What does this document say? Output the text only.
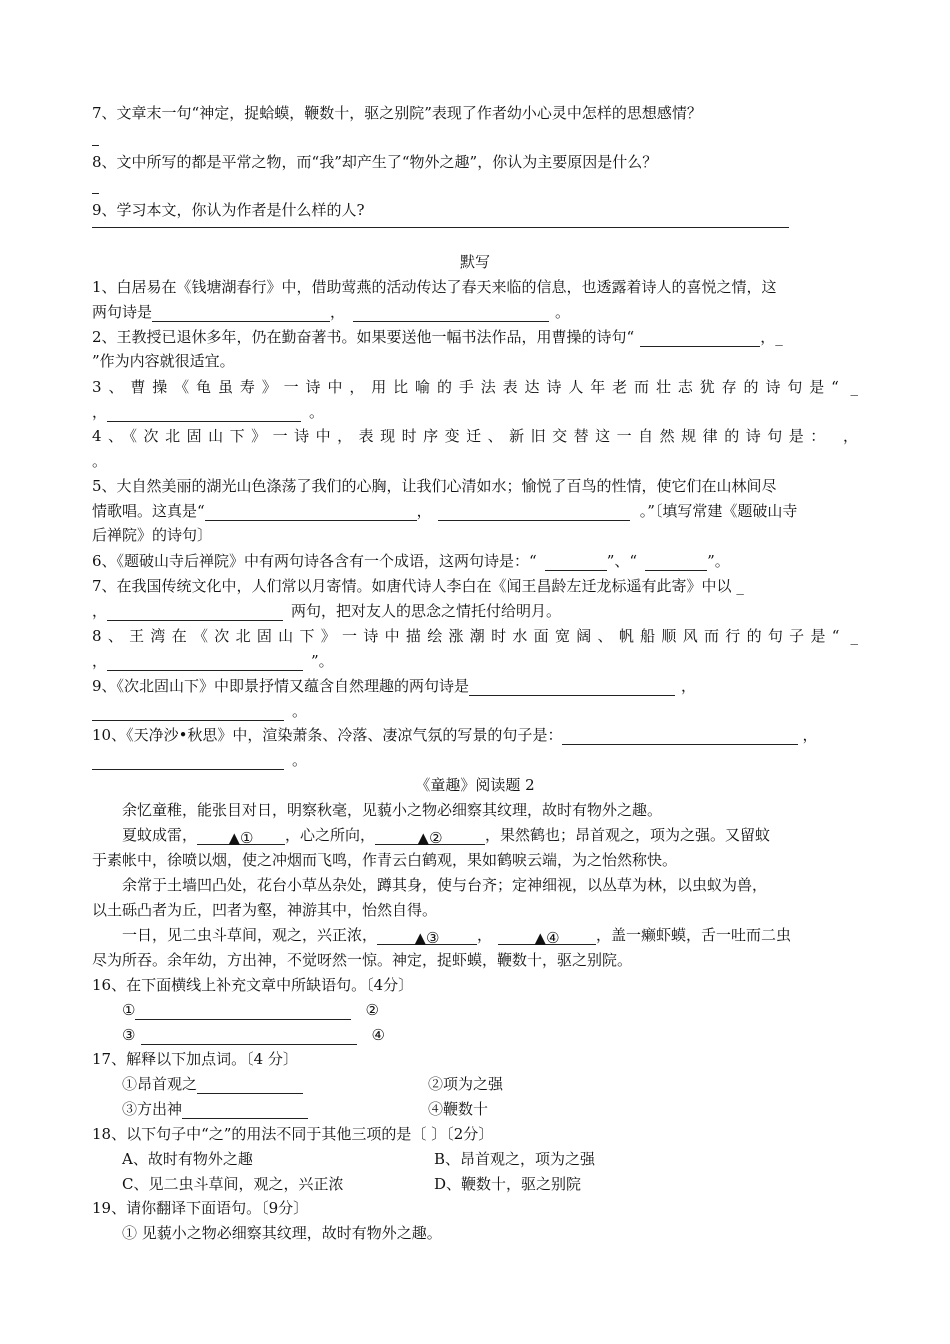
7、文章末一句“神定，捉蛤蟆，鞭数十，驱之别院”表现了作者幼小心灵中怎样的思想感情？
8、文中所写的都是平常之物，而“我”却产生了“物外之趣”，你认为主要原因是什么？
9、学习本文，你认为作者是什么样的人?
默写
1、白居易在《钱塘湖春行》中，借助莺燕的活动传达了春天来临的信息，也透露着诗人的喜悦之情，这
两句诗是	，	。
2、王教授已退休多年，仍在勤奋著书。如果要送他一幅书法作品，用曹操的诗句“	，_
”作为内容就很适宜。
3、曹操《龟虽寿》一诗中，用比喻的手法表达诗人年老而壮志犹存的诗句是“ _
，	。
4、《次北固山下》一诗中，表现时序变迁、新旧交替这一自然规律的诗句是： ，
。
5、大自然美丽的湖光山色涤荡了我们的心胸，让我们心清如水；愉悦了百鸟的性情，使它们在山林间尽
情歌唱。这真是“	，	。”〔填写常建《题破山寺
后禅院》的诗句〕
6、《题破山寺后禅院》中有两句诗各含有一个成语，这两句诗是：“	”、“	”。
7、在我国传统文化中，人们常以月寄情。如唐代诗人李白在《闻王昌龄左迁龙标遥有此寄》中以 _
，	两句，把对友人的思念之情托付给明月。
8、王湾在《次北固山下》一诗中描绘涨潮时水面宽阔、帆船顺风而行的句子是“ _
，	”。
9、《次北固山下》中即景抒情又蕴含自然理趣的两句诗是	，
。
10、《天净沙•秋思》中，渲染萧条、冷落、凄凉气氛的写景的句子是：	，
。
《童趣》阅读题 2
余忆童稚，能张目对日，明察秋毫，见藐小之物必细察其纹理，故时有物外之趣。
夏蚊成雷， ▲① ，心之所向，	▲②	，果然鹤也；昂首观之，项为之强。又留蚊
于素帐中，徐喷以烟，使之冲烟而飞鸣，作青云白鹤观，果如鹤唳云端，为之怡然称快。
余常于土墙凹凸处，花台小草丛杂处，蹲其身，使与台齐；定神细视，以丛草为林，以虫蚁为兽，
以土砾凸者为丘，凹者为壑，神游其中，怡然自得。
一日，见二虫斗草间，观之，兴正浓，	▲③	，	▲④ ，盖一癞虾蟆，舌一吐而二虫
尽为所吞。余年幼，方出神，不觉呀然一惊。神定，捉虾蟆，鞭数十，驱之别院。
16、在下面横线上补充文章中所缺语句。〔4分〕
①	②
③	④
17、解释以下加点词。〔4 分〕
①昂首观之	②项为之强
③方出神	④鞭数十
18、以下句子中“之”的用法不同于其他三项的是〔 〕〔2分〕
A、故时有物外之趣	B、昂首观之，项为之强
C、见二虫斗草间，观之，兴正浓	D、鞭数十，驱之别院
19、请你翻译下面语句。〔9分〕
① 见藐小之物必细察其纹理，故时有物外之趣。
